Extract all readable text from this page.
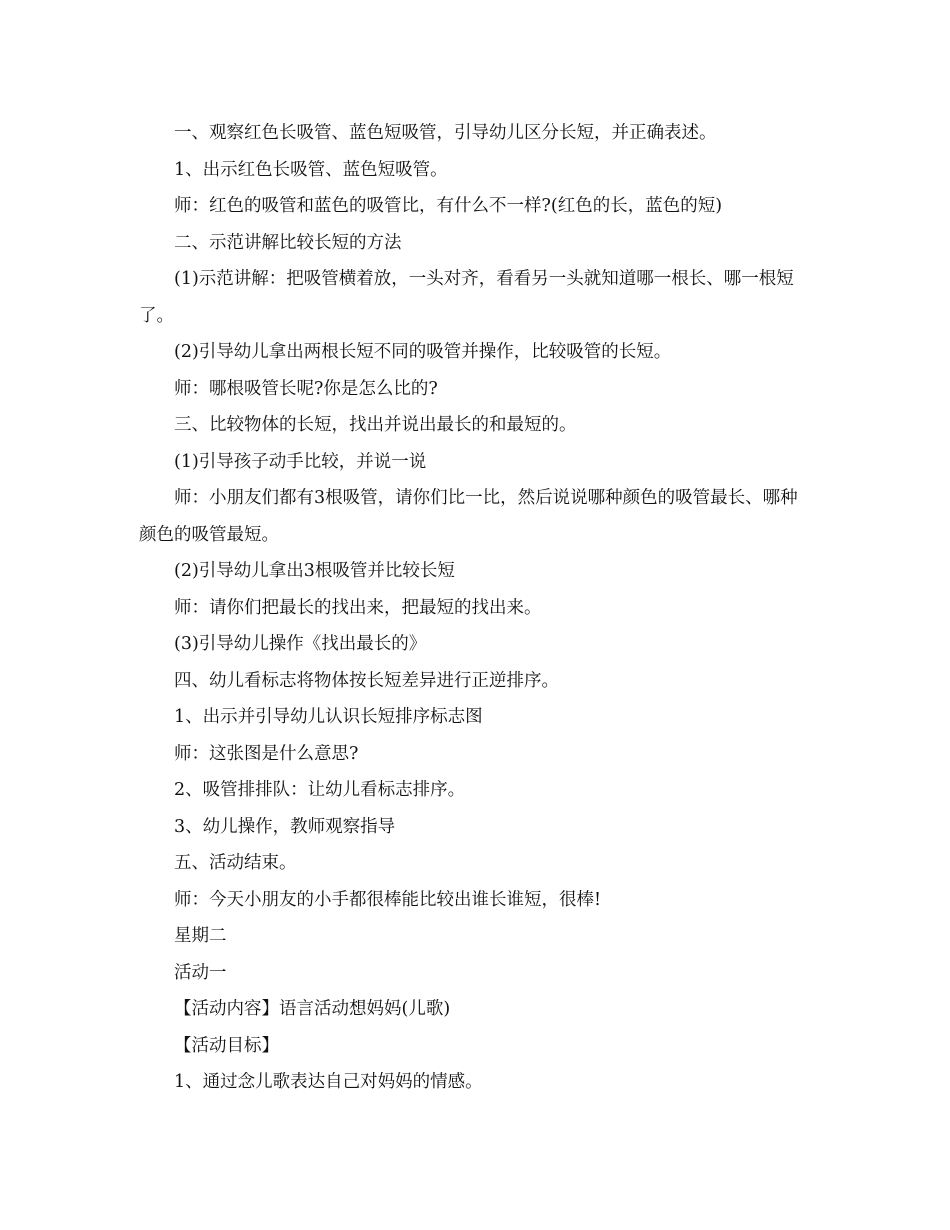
一、观察红色长吸管、蓝色短吸管，引导幼儿区分长短，并正确表述。

1、出示红色长吸管、蓝色短吸管。

师：红色的吸管和蓝色的吸管比，有什么不一样?(红色的长，蓝色的短)

二、示范讲解比较长短的方法

(1)示范讲解：把吸管横着放，一头对齐，看看另一头就知道哪一根长、哪一根短了。

(2)引导幼儿拿出两根长短不同的吸管并操作，比较吸管的长短。

师：哪根吸管长呢?你是怎么比的?

三、比较物体的长短，找出并说出最长的和最短的。

(1)引导孩子动手比较，并说一说

师：小朋友们都有3根吸管，请你们比一比，然后说说哪种颜色的吸管最长、哪种颜色的吸管最短。

(2)引导幼儿拿出3根吸管并比较长短

师：请你们把最长的找出来，把最短的找出来。

(3)引导幼儿操作《找出最长的》

四、幼儿看标志将物体按长短差异进行正逆排序。

1、出示并引导幼儿认识长短排序标志图

师：这张图是什么意思?

2、吸管排排队：让幼儿看标志排序。

3、幼儿操作，教师观察指导

五、活动结束。

师：今天小朋友的小手都很棒能比较出谁长谁短，很棒!

星期二

活动一

【活动内容】语言活动想妈妈(儿歌)

【活动目标】

1、通过念儿歌表达自己对妈妈的情感。
